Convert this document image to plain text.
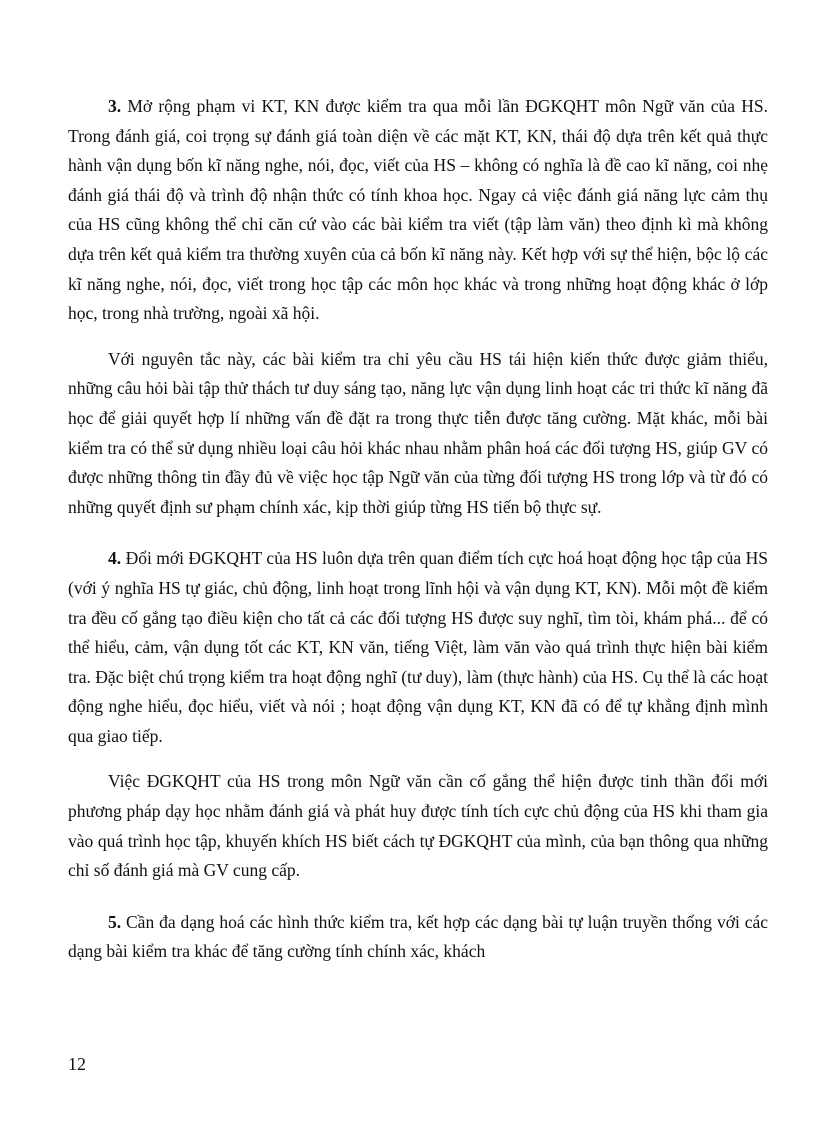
3. Mở rộng phạm vi KT, KN được kiểm tra qua mỗi lần ĐGKQHT môn Ngữ văn của HS. Trong đánh giá, coi trọng sự đánh giá toàn diện về các mặt KT, KN, thái độ dựa trên kết quả thực hành vận dụng bốn kĩ năng nghe, nói, đọc, viết của HS – không có nghĩa là đề cao kĩ năng, coi nhẹ đánh giá thái độ và trình độ nhận thức có tính khoa học. Ngay cả việc đánh giá năng lực cảm thụ của HS cũng không thể chỉ căn cứ vào các bài kiểm tra viết (tập làm văn) theo định kì mà không dựa trên kết quả kiểm tra thường xuyên của cả bốn kĩ năng này. Kết hợp với sự thể hiện, bộc lộ các kĩ năng nghe, nói, đọc, viết trong học tập các môn học khác và trong những hoạt động khác ở lớp học, trong nhà trường, ngoài xã hội.

Với nguyên tắc này, các bài kiểm tra chỉ yêu cầu HS tái hiện kiến thức được giảm thiểu, những câu hỏi bài tập thử thách tư duy sáng tạo, năng lực vận dụng linh hoạt các tri thức kĩ năng đã học để giải quyết hợp lí những vấn đề đặt ra trong thực tiễn được tăng cường. Mặt khác, mỗi bài kiểm tra có thể sử dụng nhiều loại câu hỏi khác nhau nhằm phân hoá các đối tượng HS, giúp GV có được những thông tin đầy đủ về việc học tập Ngữ văn của từng đối tượng HS trong lớp và từ đó có những quyết định sư phạm chính xác, kịp thời giúp từng HS tiến bộ thực sự.

4. Đổi mới ĐGKQHT của HS luôn dựa trên quan điểm tích cực hoá hoạt động học tập của HS (với ý nghĩa HS tự giác, chủ động, linh hoạt trong lĩnh hội và vận dụng KT, KN). Mỗi một đề kiểm tra đều cố gắng tạo điều kiện cho tất cả các đối tượng HS được suy nghĩ, tìm tòi, khám phá... để có thể hiểu, cảm, vận dụng tốt các KT, KN văn, tiếng Việt, làm văn vào quá trình thực hiện bài kiểm tra. Đặc biệt chú trọng kiểm tra hoạt động nghĩ (tư duy), làm (thực hành) của HS. Cụ thể là các hoạt động nghe hiểu, đọc hiểu, viết và nói ; hoạt động vận dụng KT, KN đã có để tự khẳng định mình qua giao tiếp.

Việc ĐGKQHT của HS trong môn Ngữ văn cần cố gắng thể hiện được tinh thần đổi mới phương pháp dạy học nhằm đánh giá và phát huy được tính tích cực chủ động của HS khi tham gia vào quá trình học tập, khuyến khích HS biết cách tự ĐGKQHT của mình, của bạn thông qua những chỉ số đánh giá mà GV cung cấp.

5. Cần đa dạng hoá các hình thức kiểm tra, kết hợp các dạng bài tự luận truyền thống với các dạng bài kiểm tra khác để tăng cường tính chính xác, khách

12
